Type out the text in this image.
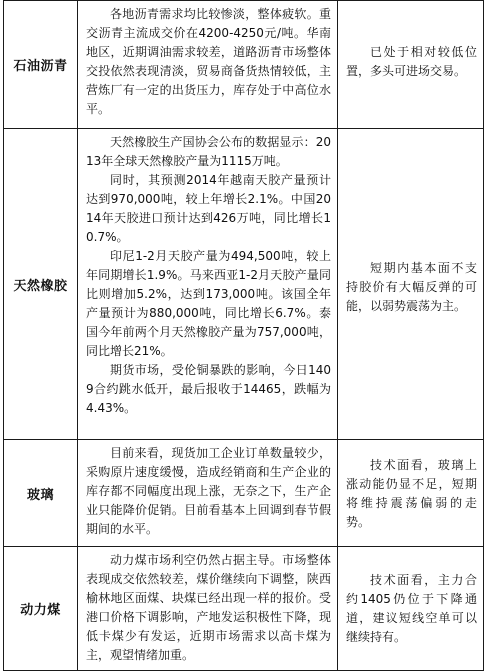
石油沥青	各地沥青需求均比较惨淡，整体疲软。重交沥青主流成交价在4200-4250元/吨。华南地区，近期调油需求较差，道路沥青市场整体交投依然表现清淡，贸易商备货热情较低，主营炼厂有一定的出货压力，库存处于中高位水平。	已处于相对较低位置，多头可进场交易。

天然橡胶	天然橡胶生产国协会公布的数据显示：2013年全球天然橡胶产量为1115万吨。

同时，其预测2014年越南天胶产量预计达到970,000吨，较上年增长2.1%。中国2014年天胶进口预计达到426万吨，同比增长10.7%。

印尼1-2月天胶产量为494,500吨，较上年同期增长1.9%。马来西亚1-2月天胶产量同比则增加5.2%，达到173,000吨。该国全年产量预计为880,000吨，同比增长6.7%。泰国今年前两个月天然橡胶产量为757,000吨，同比增长21%。

期货市场，受伦铜暴跌的影响，今日1409合约跳水低开，最后报收于14465，跌幅为4.43%。	短期内基本面不支持胶价有大幅反弹的可能，以弱势震荡为主。

玻璃	目前来看，现货加工企业订单数量较少，采购原片速度缓慢，造成经销商和生产企业的库存都不同幅度出现上涨，无奈之下，生产企业只能降价促销。目前看基本上回调到春节假期间的水平。	技术面看，玻璃上涨动能仍显不足，短期将维持震荡偏弱的走势。

动力煤	动力煤市场利空仍然占据主导。市场整体表现成交依然较差，煤价继续向下调整，陕西榆林地区面煤、块煤已经出现一样的报价。受港口价格下调影响，产地发运积极性下降，现低卡煤少有发运，近期市场需求以高卡煤为主，观望情绪加重。	技术面看，主力合约1405仍位于下降通道，建议短线空单可以继续持有。
